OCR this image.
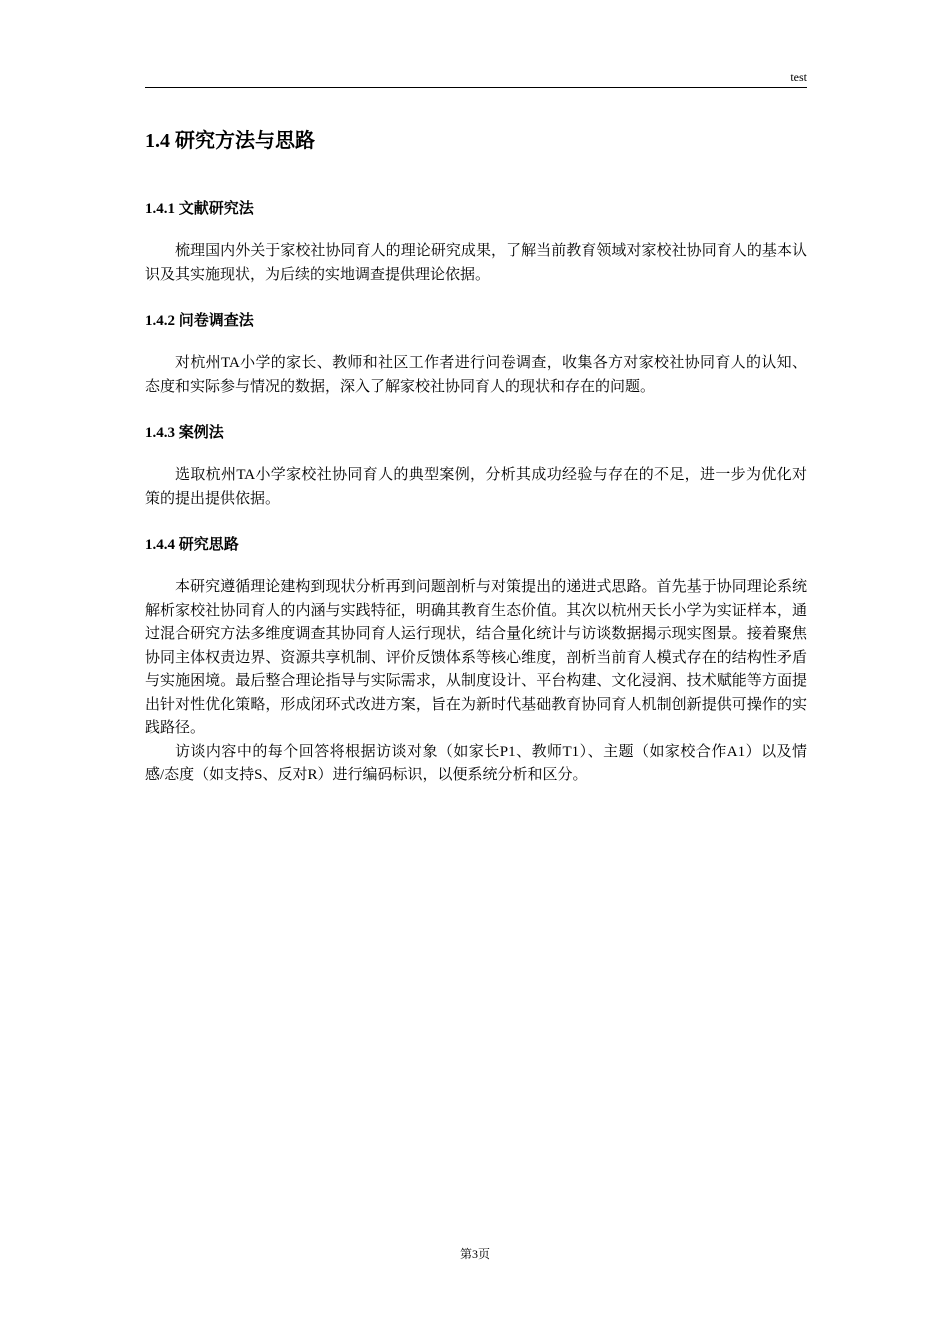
test
1.4 研究方法与思路
1.4.1 文献研究法

梳理国内外关于家校社协同育人的理论研究成果，了解当前教育领域对家校社协同育人的基本认识及其实施现状，为后续的实地调查提供理论依据。

1.4.2 问卷调查法

对杭州TA小学的家长、教师和社区工作者进行问卷调查，收集各方对家校社协同育人的认知、态度和实际参与情况的数据，深入了解家校社协同育人的现状和存在的问题。

1.4.3 案例法

选取杭州TA小学家校社协同育人的典型案例，分析其成功经验与存在的不足，进一步为优化对策的提出提供依据。

1.4.4 研究思路

本研究遵循理论建构到现状分析再到问题剖析与对策提出的递进式思路。首先基于协同理论系统解析家校社协同育人的内涵与实践特征，明确其教育生态价值。其次以杭州天长小学为实证样本，通过混合研究方法多维度调查其协同育人运行现状，结合量化统计与访谈数据揭示现实图景。接着聚焦协同主体权责边界、资源共享机制、评价反馈体系等核心维度，剖析当前育人模式存在的结构性矛盾与实施困境。最后整合理论指导与实际需求，从制度设计、平台构建、文化浸润、技术赋能等方面提出针对性优化策略，形成闭环式改进方案，旨在为新时代基础教育协同育人机制创新提供可操作的实践路径。

访谈内容中的每个回答将根据访谈对象（如家长P1、教师T1）、主题（如家校合作A1）以及情感/态度（如支持S、反对R）进行编码标识，以便系统分析和区分。

第3页
